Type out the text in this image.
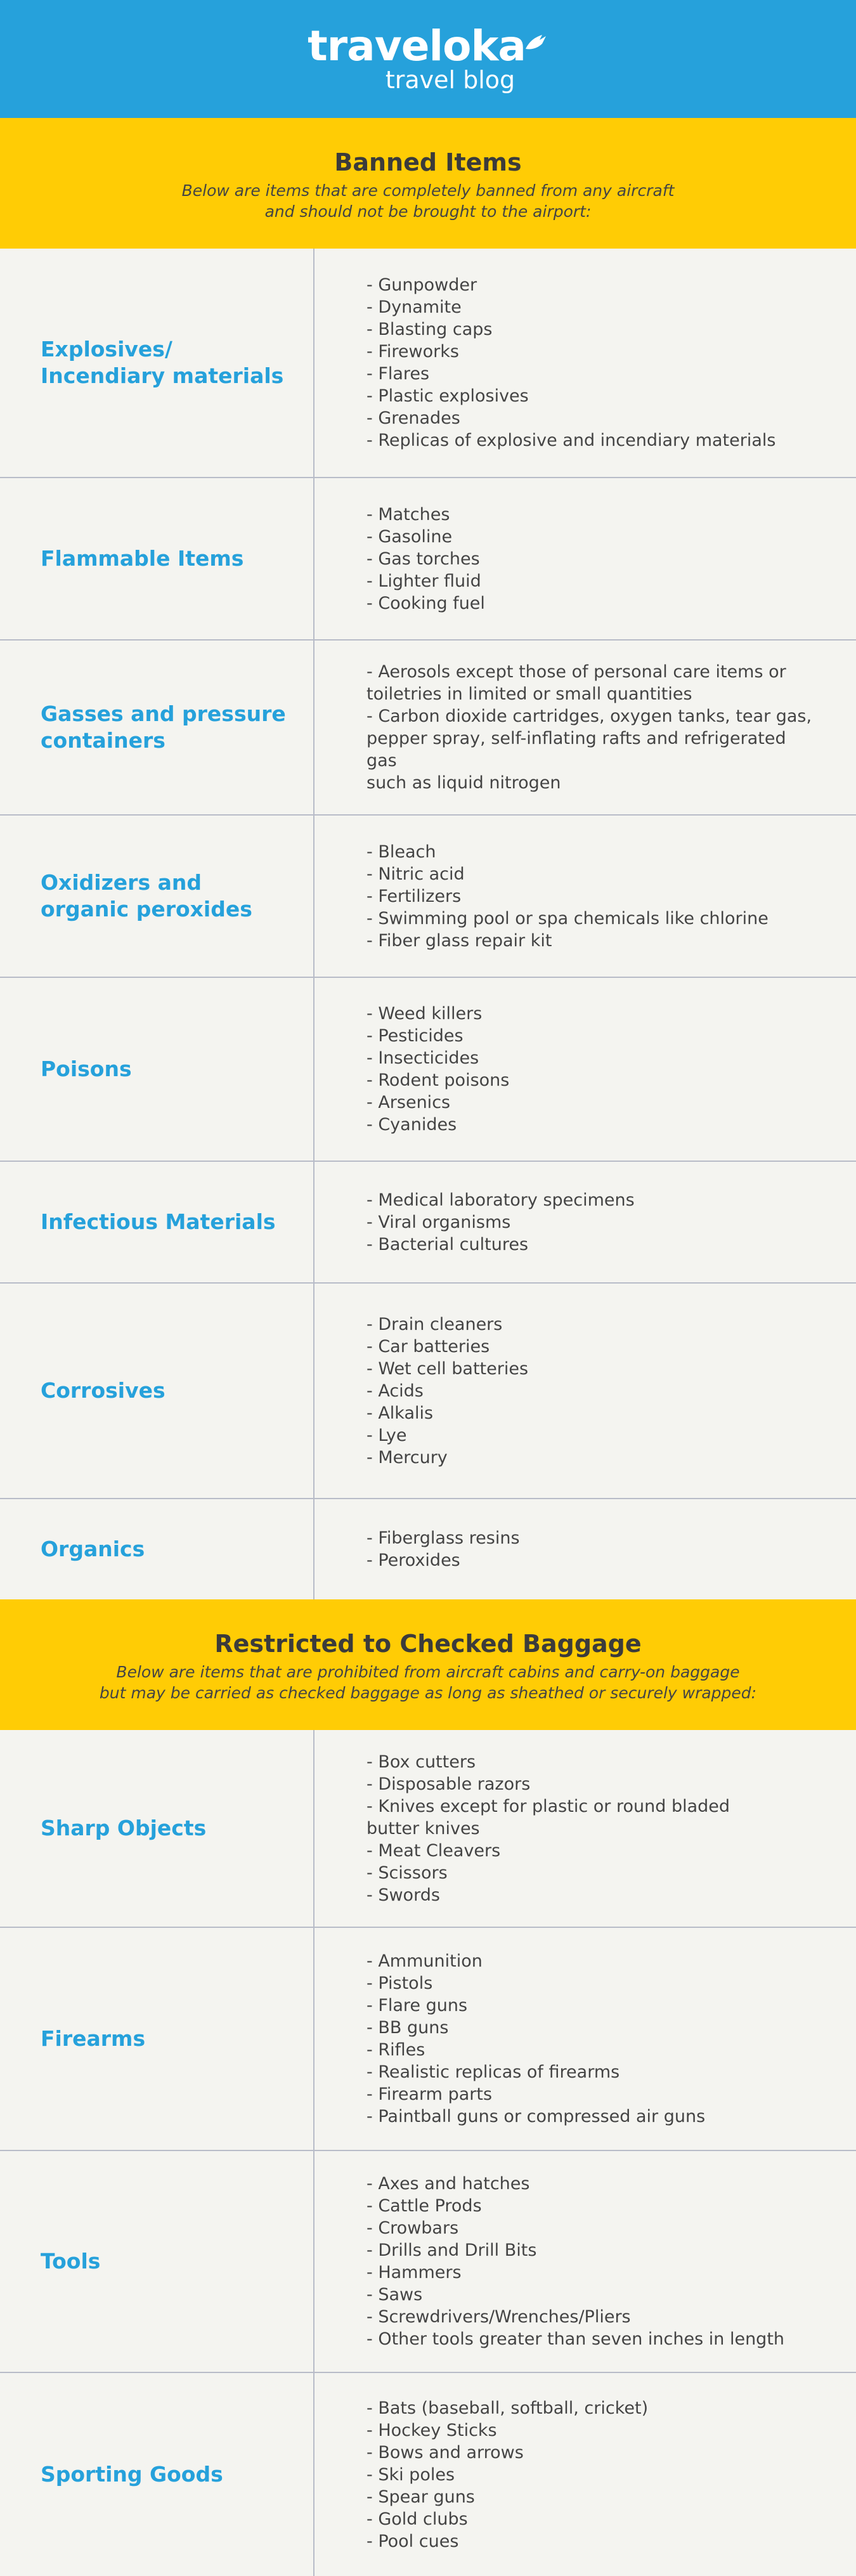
traveloka
travel blog
Banned Items

Below are items that are completely banned from any aircraft
and should not be brought to the airport:

Explosives/
Incendiary materials
- Gunpowder
- Dynamite
- Blasting caps
- Fireworks
- Flares
- Plastic explosives
- Grenades
- Replicas of explosive and incendiary materials
Flammable Items
- Matches
- Gasoline
- Gas torches
- Lighter fluid
- Cooking fuel
Gasses and pressure
containers
- Aerosols except those of personal care items or
toiletries in limited or small quantities
- Carbon dioxide cartridges, oxygen tanks, tear gas,
pepper spray, self-inflating rafts and refrigerated gas
such as liquid nitrogen
Oxidizers and
organic peroxides
- Bleach
- Nitric acid
- Fertilizers
- Swimming pool or spa chemicals like chlorine
- Fiber glass repair kit
Poisons
- Weed killers
- Pesticides
- Insecticides
- Rodent poisons
- Arsenics
- Cyanides
Infectious Materials
- Medical laboratory specimens
- Viral organisms
- Bacterial cultures
Corrosives
- Drain cleaners
- Car batteries
- Wet cell batteries
- Acids
- Alkalis
- Lye
- Mercury
Organics	- Fiberglass resins
- Peroxides
Restricted to Checked Baggage

Below are items that are prohibited from aircraft cabins and carry-on baggage
but may be carried as checked baggage as long as sheathed or securely wrapped:

Sharp Objects
- Box cutters
- Disposable razors
- Knives except for plastic or round bladed
butter knives
- Meat Cleavers
- Scissors
- Swords
Firearms
- Ammunition
- Pistols
- Flare guns
- BB guns
- Rifles
- Realistic replicas of firearms
- Firearm parts
- Paintball guns or compressed air guns
Tools
- Axes and hatches
- Cattle Prods
- Crowbars
- Drills and Drill Bits
- Hammers
- Saws
- Screwdrivers/Wrenches/Pliers
- Other tools greater than seven inches in length
Sporting Goods
- Bats (baseball, softball, cricket)
- Hockey Sticks
- Bows and arrows
- Ski poles
- Spear guns
- Gold clubs
- Pool cues
